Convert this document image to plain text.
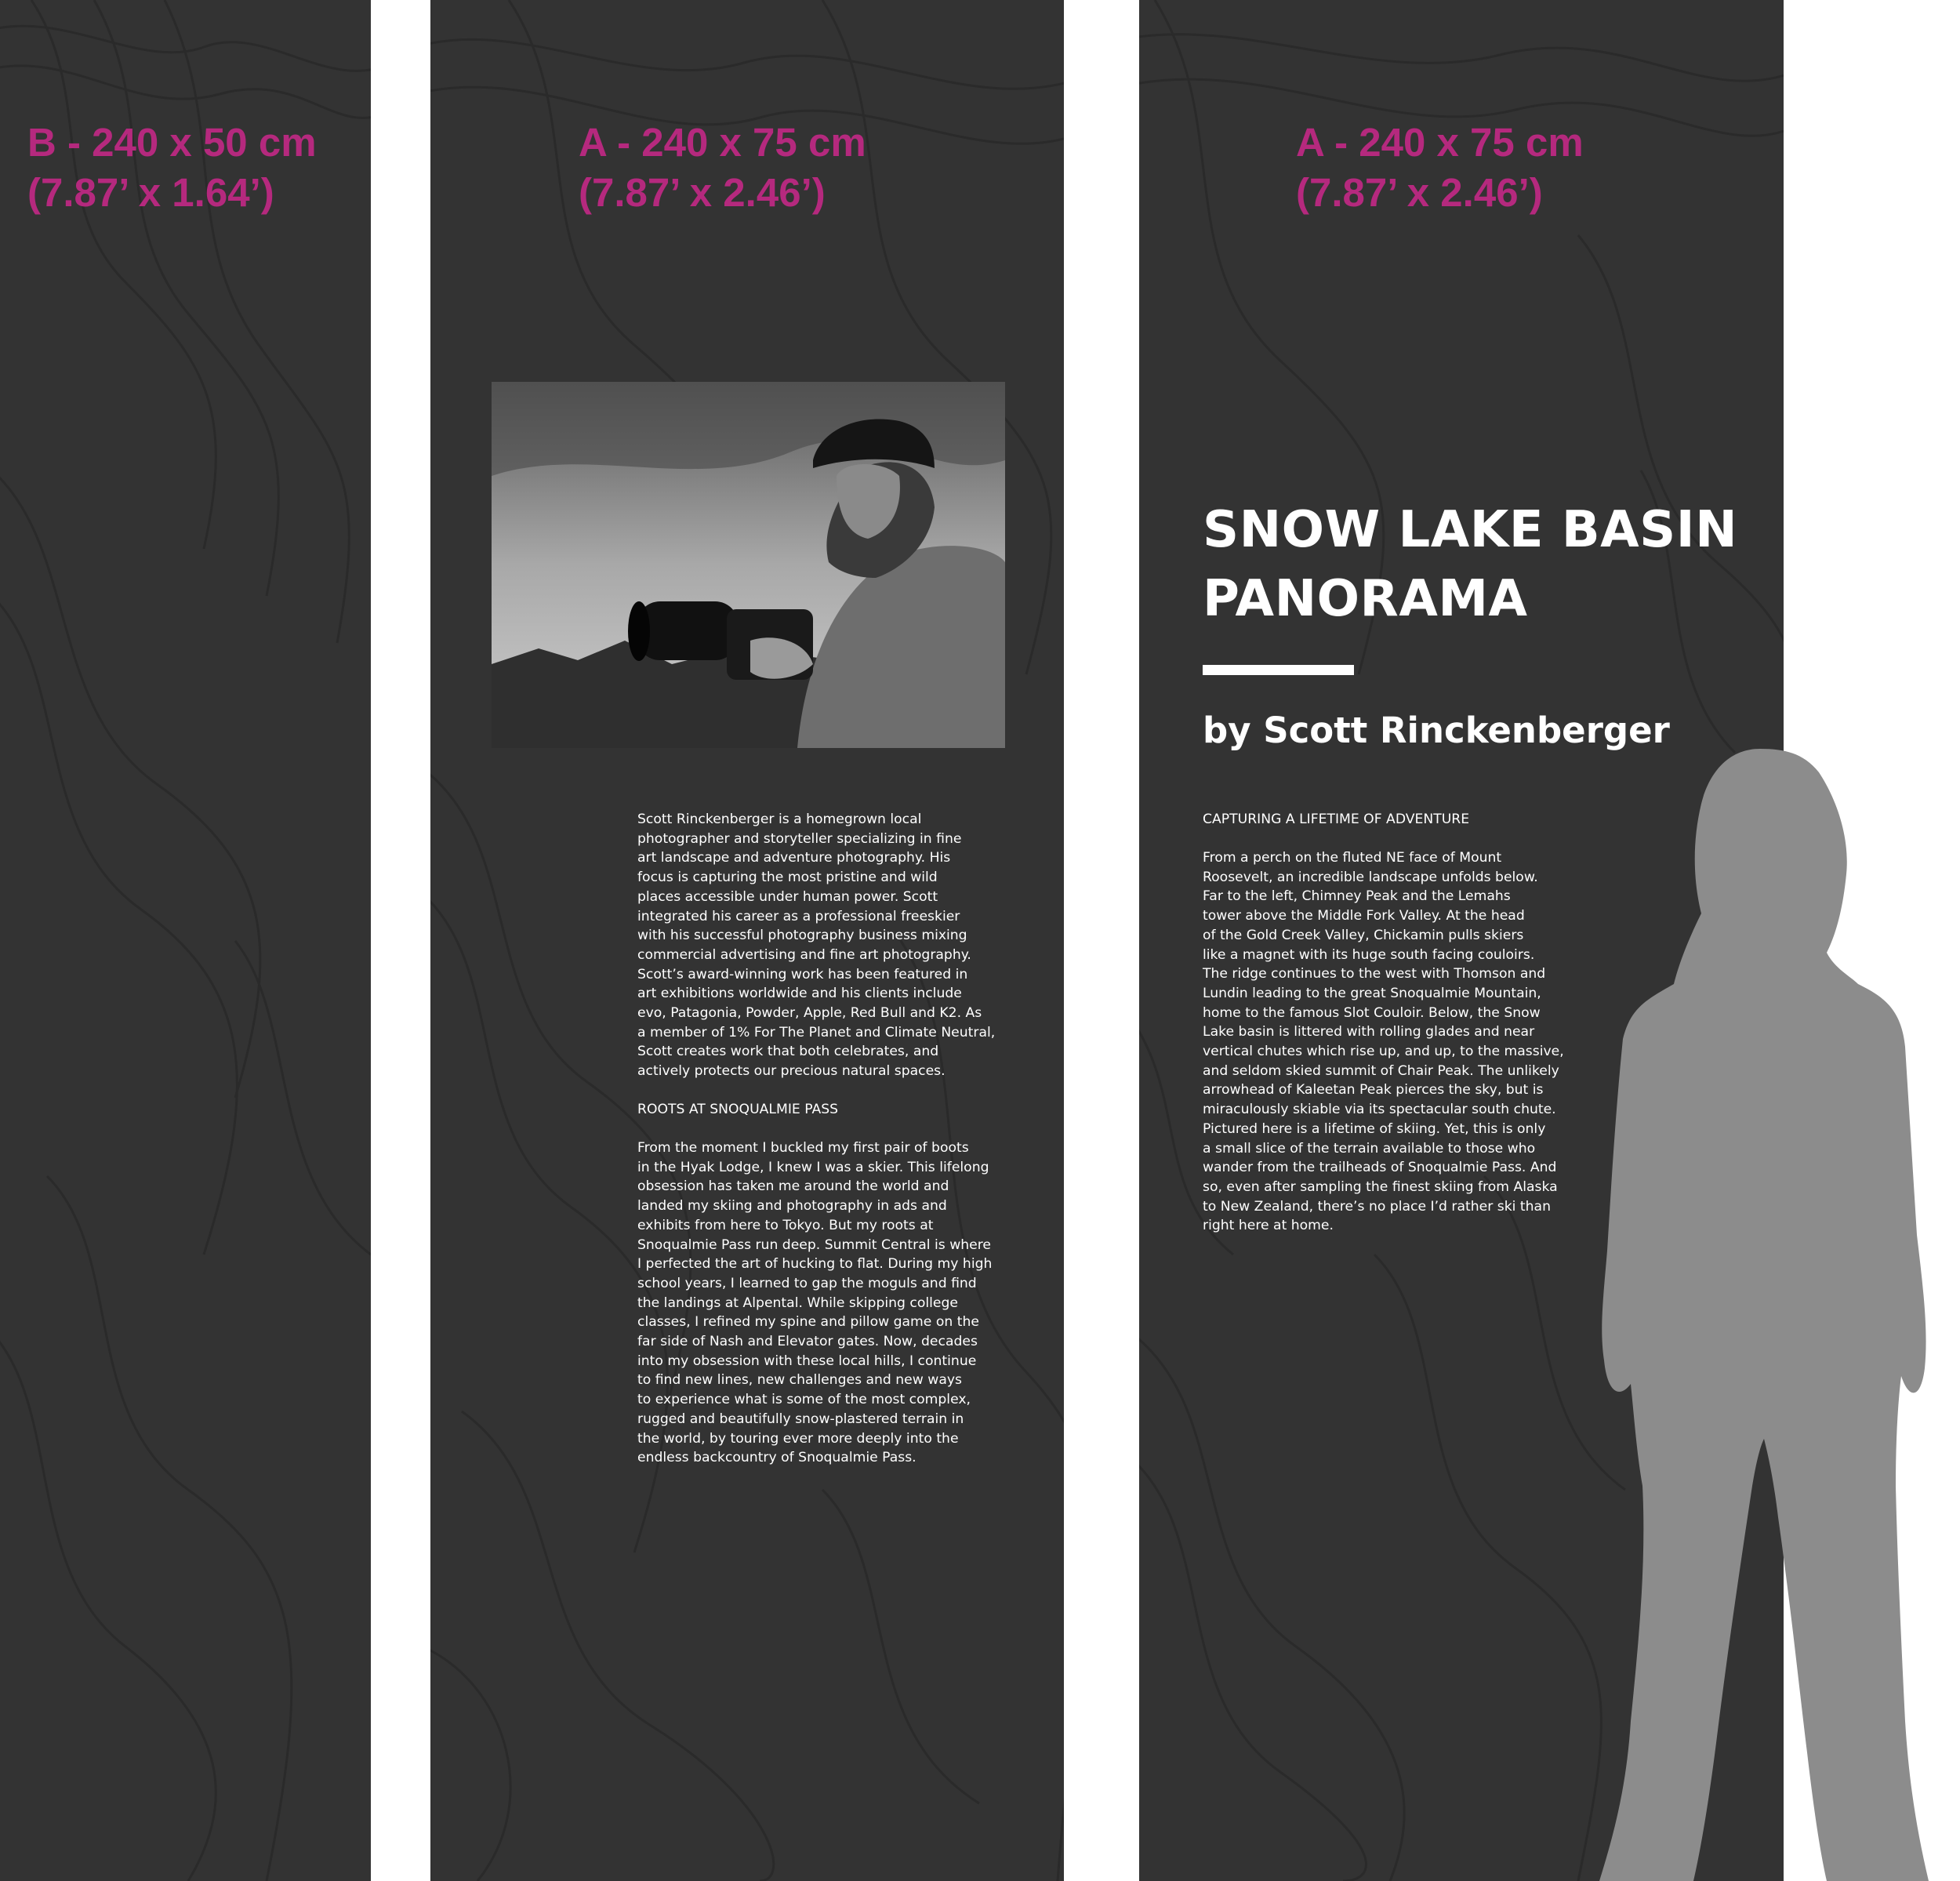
B - 240 x 50 cm
(7.87’ x 1.64’)
A - 240 x 75 cm
(7.87’ x 2.46’)

Scott Rinckenberger is a homegrown local
photographer and storyteller specializing in fine
art landscape and adventure photography. His
focus is capturing the most pristine and wild
places accessible under human power. Scott
integrated his career as a professional freeskier
with his successful photography business mixing
commercial advertising and fine art photography.
Scott’s award-winning work has been featured in
art exhibitions worldwide and his clients include
evo, Patagonia, Powder, Apple, Red Bull and K2. As
a member of 1% For The Planet and Climate Neutral,
Scott creates work that both celebrates, and
actively protects our precious natural spaces.

ROOTS AT SNOQUALMIE PASS

From the moment I buckled my first pair of boots
in the Hyak Lodge, I knew I was a skier. This lifelong
obsession has taken me around the world and
landed my skiing and photography in ads and
exhibits from here to Tokyo. But my roots at
Snoqualmie Pass run deep. Summit Central is where
I perfected the art of hucking to flat. During my high
school years, I learned to gap the moguls and find
the landings at Alpental. While skipping college
classes, I refined my spine and pillow game on the
far side of Nash and Elevator gates. Now, decades
into my obsession with these local hills, I continue
to find new lines, new challenges and new ways
to experience what is some of the most complex,
rugged and beautifully snow-plastered terrain in
the world, by touring ever more deeply into the
endless backcountry of Snoqualmie Pass.

A - 240 x 75 cm
(7.87’ x 2.46’)
SNOW LAKE BASIN
PANORAMA

by Scott Rinckenberger

CAPTURING A LIFETIME OF ADVENTURE

From a perch on the fluted NE face of Mount
Roosevelt, an incredible landscape unfolds below.
Far to the left, Chimney Peak and the Lemahs
tower above the Middle Fork Valley. At the head
of the Gold Creek Valley, Chickamin pulls skiers
like a magnet with its huge south facing couloirs.
The ridge continues to the west with Thomson and
Lundin leading to the great Snoqualmie Mountain,
home to the famous Slot Couloir. Below, the Snow
Lake basin is littered with rolling glades and near
vertical chutes which rise up, and up, to the massive,
and seldom skied summit of Chair Peak. The unlikely
arrowhead of Kaleetan Peak pierces the sky, but is
miraculously skiable via its spectacular south chute.
Pictured here is a lifetime of skiing. Yet, this is only
a small slice of the terrain available to those who
wander from the trailheads of Snoqualmie Pass. And
so, even after sampling the finest skiing from Alaska
to New Zealand, there’s no place I’d rather ski than
right here at home.
